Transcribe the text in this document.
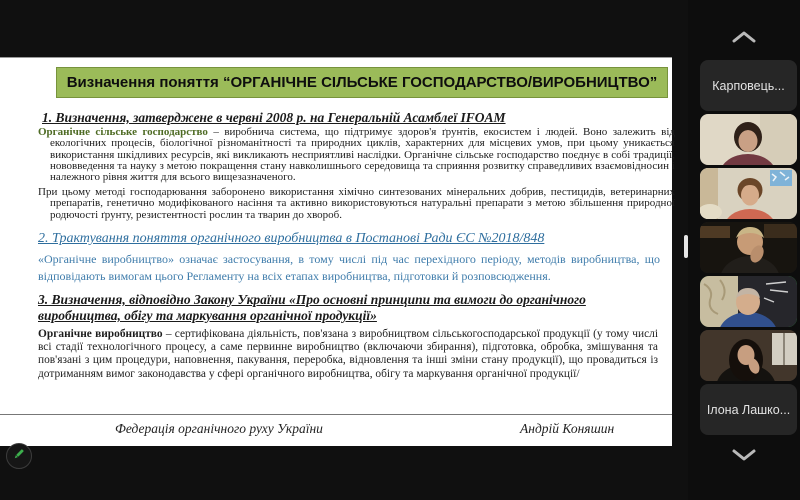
Визначення поняття “ОРГАНІЧНЕ СІЛЬСЬКЕ ГОСПОДАРСТВО/ВИРОБНИЦТВО”
1. Визначення, затверджене в червні 2008 р. на Генеральній Асамблеї IFOAM
Органічне сільське господарство – виробнича система, що підтримує здоров'я ґрунтів, екосистем і людей. Воно залежить від екологічних процесів, біологічної різноманітності та природних циклів, характерних для місцевих умов, при цьому уникається використання шкідливих ресурсів, які викликають несприятливі наслідки. Органічне сільське господарство поєднує в собі традиції, нововведення та науку з метою покращення стану навколишнього середовища та сприяння розвитку справедливих взаємовідносин і належного рівня життя для всього вищезазначеного.
При цьому методі господарювання заборонено використання хімічно синтезованих мінеральних добрив, пестицидів, ветеринарних препаратів, генетично модифікованого насіння та активно використовуються натуральні препарати з метою збільшення природної родючості ґрунту, резистентності рослин та тварин до хвороб.
2. Трактування поняття органічного виробництва в Постанові Ради ЄС №2018/848
«Органічне виробництво» означає застосування, в тому числі під час перехідного періоду, методів виробництва, що відповідають вимогам цього Регламенту на всіх етапах виробництва, підготовки й розповсюдження.
3. Визначення, відповідно Закону України «Про основні принципи та вимоги до органічного виробництва, обігу та маркування органічної продукції»
Органічне виробництво – сертифікована діяльність, пов'язана з виробництвом сільськогосподарської продукції (у тому числі всі стадії технологічного процесу, а саме первинне виробництво (включаючи збирання), підготовка, обробка, змішування та пов'язані з цим процедури, наповнення, пакування, переробка, відновлення та інші зміни стану продукції), що провадиться із дотриманням вимог законодавства у сфері органічного виробництва, обігу та маркування органічної продукції/
Федерація органічного руху України	Андрій Коняшин
Карповець...
Ілона Лашко...
